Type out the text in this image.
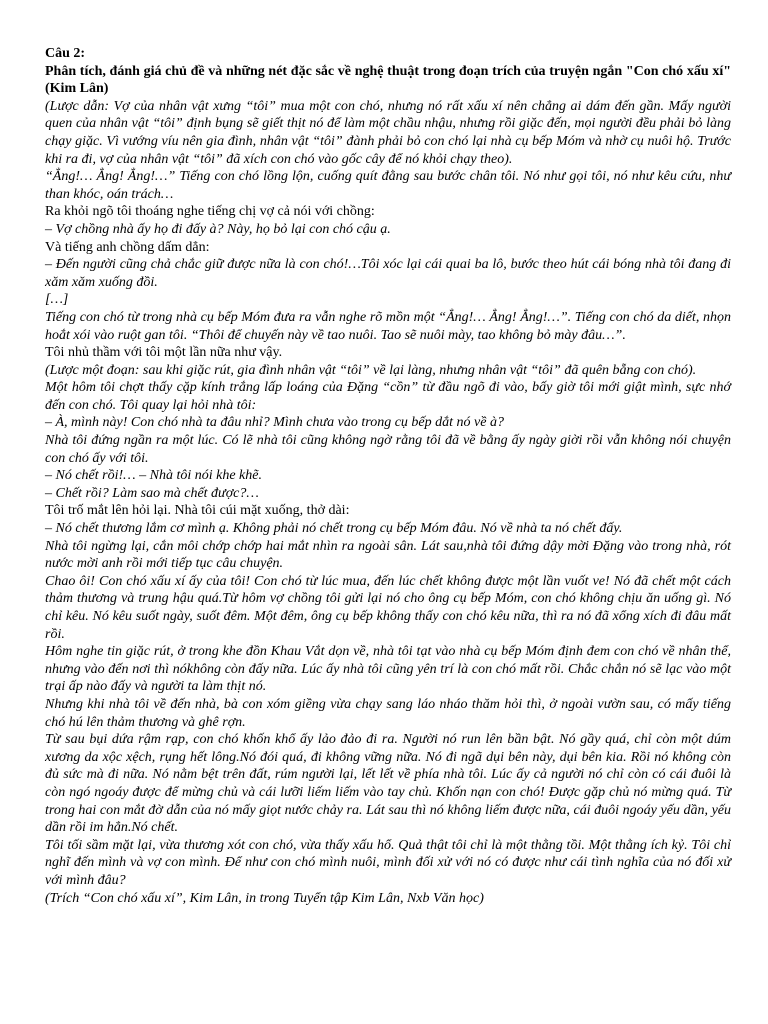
Câu 2:

Phân tích, đánh giá chủ đề và những nét đặc sắc về nghệ thuật trong đoạn trích của truyện ngắn "Con chó xấu xí" (Kim Lân)

(Lược dẫn: Vợ của nhân vật xưng “tôi” mua một con chó, nhưng nó rất xấu xí nên chẳng ai dám đến gần. Mấy người quen của nhân vật “tôi” định bụng sẽ giết thịt nó để làm một chầu nhậu, nhưng rồi giặc đến, mọi người đều phải bỏ làng chạy giặc. Vì vướng víu nên gia đình, nhân vật “tôi” đành phải bỏ con chó lại nhà cụ bếp Móm và nhờ cụ nuôi hộ. Trước khi ra đi, vợ của nhân vật “tôi” đã xích con chó vào gốc cây để nó khỏi chạy theo).

“Ẳng!… Ẳng! Ẳng!…” Tiếng con chó lồng lộn, cuống quít đằng sau bước chân tôi. Nó như gọi tôi, nó như kêu cứu, như than khóc, oán trách…

Ra khỏi ngõ tôi thoáng nghe tiếng chị vợ cả nói với chồng:

– Vợ chồng nhà ấy họ đi đấy à? Này, họ bỏ lại con chó cậu ạ.

Và tiếng anh chồng dấm dẳn:

– Đến người cũng chả chắc giữ được nữa là con chó!…Tôi xóc lại cái quai ba lô, bước theo hút cái bóng nhà tôi đang đi xăm xăm xuống đồi.

[…]

Tiếng con chó từ trong nhà cụ bếp Móm đưa ra vẫn nghe rõ mồn một “Ẳng!… Ẳng! Ẳng!…”. Tiếng con chó da diết, nhọn hoắt xói vào ruột gan tôi. “Thôi để chuyến này về tao nuôi. Tao sẽ nuôi mày, tao không bỏ mày đâu…”.

Tôi nhủ thầm với tôi một lần nữa như vậy.

(Lược một đoạn: sau khi giặc rút, gia đình nhân vật “tôi” về lại làng, nhưng nhân vật “tôi” đã quên bẵng con chó).

Một hôm tôi chợt thấy cặp kính trắng lấp loáng của Đặng “cồn” từ đầu ngõ đi vào, bấy giờ tôi mới giật mình, sực nhớ đến con chó. Tôi quay lại hỏi nhà tôi:

– À, mình này! Con chó nhà ta đâu nhỉ? Mình chưa vào trong cụ bếp dắt nó về à?

Nhà tôi đứng ngần ra một lúc. Có lẽ nhà tôi cũng không ngờ rằng tôi đã về bằng ấy ngày giời rồi vẫn không nói chuyện con chó ấy với tôi.

– Nó chết rồi!… – Nhà tôi nói khe khẽ.

– Chết rồi? Làm sao mà chết được?…

Tôi trố mắt lên hỏi lại. Nhà tôi cúi mặt xuống, thở dài:

– Nó chết thương lắm cơ mình ạ. Không phải nó chết trong cụ bếp Móm đâu. Nó về nhà ta nó chết đấy.

Nhà tôi ngừng lại, cắn môi chớp chớp hai mắt nhìn ra ngoài sân. Lát sau,nhà tôi đứng dậy mời Đặng vào trong nhà, rót nước mời anh rồi mới tiếp tục câu chuyện.

Chao ôi! Con chó xấu xí ấy của tôi! Con chó từ lúc mua, đến lúc chết không được một lần vuốt ve! Nó đã chết một cách thảm thương và trung hậu quá.Từ hôm vợ chồng tôi gửi lại nó cho ông cụ bếp Móm, con chó không chịu ăn uống gì. Nó chỉ kêu. Nó kêu suốt ngày, suốt đêm. Một đêm, ông cụ bếp không thấy con chó kêu nữa, thì ra nó đã xổng xích đi đâu mất rồi.

Hôm nghe tin giặc rút, ở trong khe đồn Khau Vắt dọn về, nhà tôi tạt vào nhà cụ bếp Móm định đem con chó về nhân thể, nhưng vào đến nơi thì nókhông còn đấy nữa. Lúc ấy nhà tôi cũng yên trí là con chó mất rồi. Chắc chắn nó sẽ lạc vào một trại ấp nào đấy và người ta làm thịt nó.

Nhưng khi nhà tôi về đến nhà, bà con xóm giềng vừa chạy sang láo nháo thăm hỏi thì, ở ngoài vườn sau, có mấy tiếng chó hú lên thảm thương và ghê rợn.

Từ sau bụi dứa rậm rạp, con chó khốn khổ ấy lảo đảo đi ra. Người nó run lên bần bật. Nó gầy quá, chỉ còn một dúm xương da xộc xệch, rụng hết lông.Nó đói quá, đi không vững nữa. Nó đi ngã dụi bên này, dụi bên kia. Rồi nó không còn đủ sức mà đi nữa. Nó nằm bệt trên đất, rúm người lại, lết lết về phía nhà tôi. Lúc ấy cả người nó chỉ còn có cái đuôi là còn ngó ngoáy được để mừng chủ và cái lưỡi liếm liếm vào tay chủ. Khốn nạn con chó! Được gặp chủ nó mừng quá. Từ trong hai con mắt đờ dẫn của nó mấy giọt nước chảy ra. Lát sau thì nó không liếm được nữa, cái đuôi ngoáy yếu dần, yếu dần rồi im hẳn.Nó chết.

Tôi tối sầm mặt lại, vừa thương xót con chó, vừa thấy xấu hổ. Quả thật tôi chỉ là một thằng tồi. Một thằng ích kỷ. Tôi chỉ nghĩ đến mình và vợ con mình. Để như con chó mình nuôi, mình đối xử với nó có được như cái tình nghĩa của nó đối xử với mình đâu?

(Trích “Con chó xấu xí”, Kim Lân, in trong Tuyển tập Kim Lân, Nxb Văn học)
